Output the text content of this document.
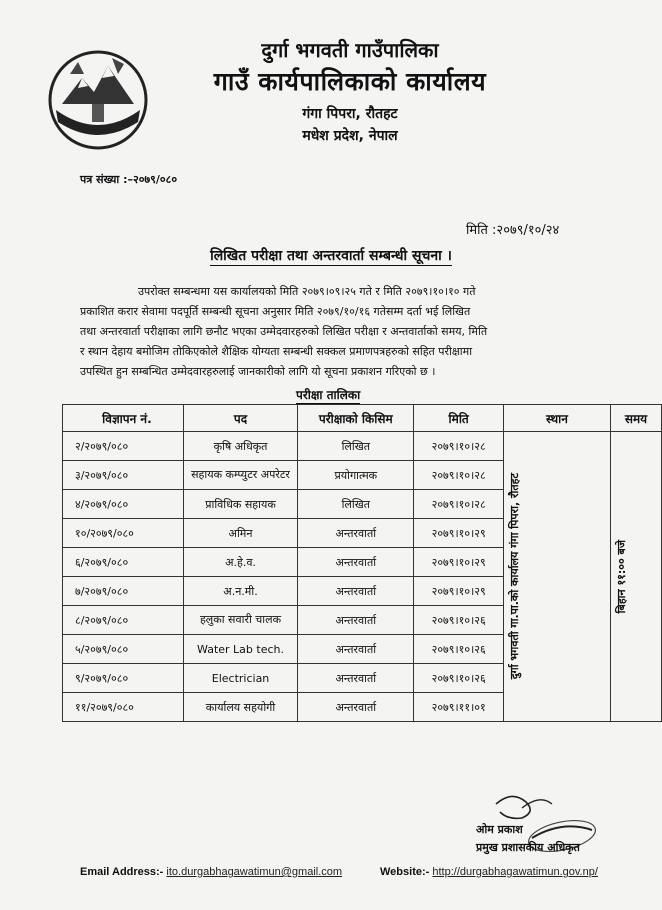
दुर्गा भगवती गाउँपालिका
गाउँ कार्यपालिकाको कार्यालय
गंगा पिपरा, रौतहट
मधेश प्रदेश, नेपाल
पत्र संख्या :–२०७९/०८०
मिति :२०७९/१०/२४
लिखित परीक्षा तथा अन्तरवार्ता सम्बन्धी सूचना ।
उपरोक्त सम्बन्धमा यस कार्यालयको मिति २०७९।०९।२५ गते र मिति २०७९।१०।१० गते
प्रकाशित करार सेवामा पदपूर्ति सम्बन्धी सूचना अनुसार मिति २०७९/१०/१६ गतेसम्म दर्ता भई लिखित
तथा अन्तरवार्ता परीक्षाका लागि छनौट भएका उम्मेदवारहरुको लिखित परीक्षा र अन्तवार्ताको समय, मिति
र स्थान देहाय बमोजिम तोकिएकोले शैक्षिक योग्यता सम्बन्धी सक्कल प्रमाणपत्रहरुको सहित परीक्षामा
उपस्थित हुन सम्बन्धित उम्मेदवारहरुलाई जानकारीको लागि यो सूचना प्रकाशन गरिएको छ ।
परीक्षा तालिका
विज्ञापन नं.	पद	परीक्षाको किसिम	मिति	स्थान	समय
२/२०७९/०८०	कृषि अधिकृत	लिखित	२०७९।१०।२८	दुर्गा भगवती गा.पा.को कार्यालय गंगा पिपरा, रौतहट	बिहान ११:०० बजे

३/२०७९/०८०	सहायक कम्प्युटर अपरेटर	प्रयोगात्मक	२०७९।१०।२८		
४/२०७९/०८०	प्राविधिक सहायक	लिखित	२०७९।१०।२८		
१०/२०७९/०८०	अमिन	अन्तरवार्ता	२०७९।१०।२९		
६/२०७९/०८०	अ.हे.व.	अन्तरवार्ता	२०७९।१०।२९		
७/२०७९/०८०	अ.न.मी.	अन्तरवार्ता	२०७९।१०।२९		
८/२०७९/०८०	हलुका सवारी चालक	अन्तरवार्ता	२०७९।१०।२६		
५/२०७९/०८०	Water Lab tech.	अन्तरवार्ता	२०७९।१०।२६		
९/२०७९/०८०	Electrician	अन्तरवार्ता	२०७९।१०।२६		
११/२०७९/०८०	कार्यालय सहयोगी	अन्तरवार्ता	२०७९।११।०१		
ओम प्रकाश
प्रमुख प्रशासकीय अधिकृत
Email Address:- ito.durgabhagawatimun@gmail.com	Website:- http://durgabhagawatimun.gov.np/
